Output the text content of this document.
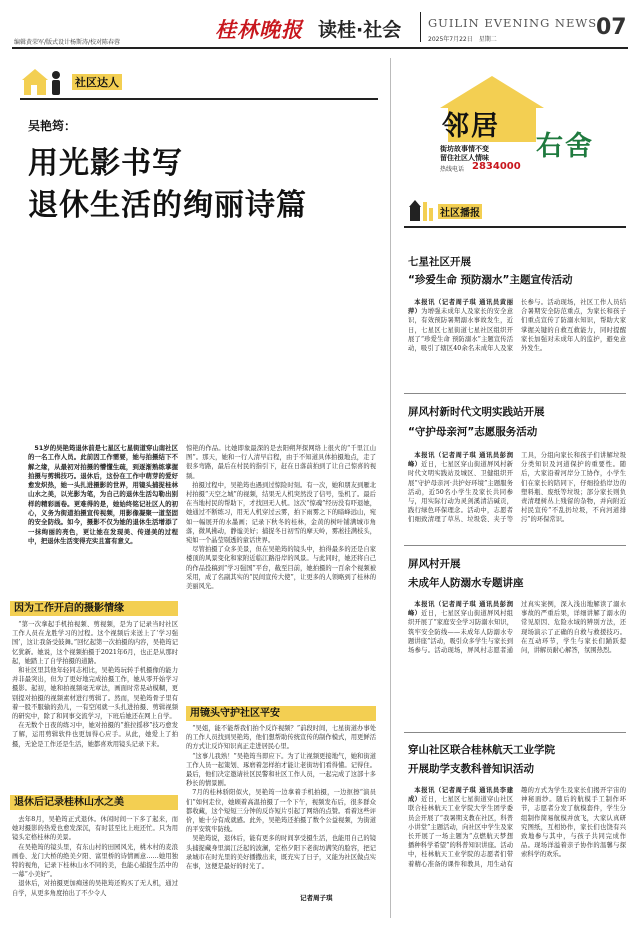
编辑黄荣军/版式设计杨斯涛/校对陈春蓉
桂林晚报 读桂·社会 GUILIN EVENING NEWS
2025年7月22日　星期二	07
社区达人
吴艳筠：
用光影书写
退休生活的绚丽诗篇
吴艳筠在清晨拍摄到的“千里江山图”。（吴艳筠供图）

51岁的吴艳筠退休前是七星区七星街道穿山南社区的一名工作人员。此前因工作需要，她与拍摄结下不解之缘，从最初对拍摄的懵懂生疏，到逐渐熟练掌握拍摄与剪辑技巧。退休后，这份在工作中萌芽的爱好愈发炽热，她一头扎进摄影的世界，用镜头捕捉桂林山水之美，以光影为笔，为自己的退休生活勾勒出别样的精彩画卷。更难得的是，她始终铭记社区人的初心，义务为街道拍摄宣传视频，用影像凝聚一道坚固的安全防线。如今，摄影不仅为她的退休生活增添了一抹绚丽的亮色，更让她在发现美、传递美的过程中，把退休生活变得充实且富有意义。

因为工作开启的摄影情缘

“第一次拿起手机拍视频、剪视频，是为了记录当时社区工作人员在龙胜学习的过程。这个视频后来送上了‘学习强国’，这让我备受鼓舞。”回忆起第一次拍摄的内容，吴艳筠记忆犹新。她说，这个视频拍摄于2021年6月，也正是从那时起，她踏上了自学拍摄的道路。

和社区里其他年轻同志相比，吴艳筠玩转手机摄像的能力并非最突出，但为了更好地完成拍摄工作，她从零开始学习摄影。起初，她和拍视频毫无章法，画面时常晃动模糊，更别提对拍摄的视频素材进行剪辑了。然而，吴艳筠骨子里有着一股不服输的劲儿，一有空闲就一头扎进拍摄、剪辑视频的研究中，除了和同事交流学习，下班后她还在网上自学。

在无数个日夜的练习中，她对拍摄的“推拉摇移”技巧愈发了解，运用剪辑软件也更加得心应手。从此，她爱上了拍摄，无论是工作还是生活，她都喜欢用镜头记录下来。

退休后记录桂林山水之美

去年8月，吴艳筠正式退休。休闲时间一下多了起来，而她对摄影的热爱也愈发深沉，有时甚至比上班还忙。只为用镜头定格桂林的美景。

在吴艳筠的镜头里，有东山村的田园风光，桃木村的麦浪画卷、龙门大桥的绝美夕阳、富里桥的诗情画意……她用独特的视角，记录下桂林山水不同的美，也能心捕捉生活中的一幕“小美好”。

退休后，对拍摄更加痴迷的吴艳筠还购买了无人机，通过自学，从更多角度拍出了不少令人

惊艳的作品。比她即象最深的是去阳朔拜探网络上很火的“千里江山图”。那天，她和一行人清早启程，由于不知道具体拍摄地点，走了很多弯路，最后在村民的指引下，赶在日落前拍到了让自己惊喜的视频。

拍摄过程中，吴艳筠也遇到过惊险时刻。有一次，她和朋友到雁北村拍摄“天空之城”的视频，结果无人机突然没了信号，坠机了。最后在当地村民的帮助下，才找回无人机。这次“惊魂”经历没有吓退她，她通过不断练习，用无人机穿过云雾，拍下雨雾之下的暗峰远山，宛如一幅展开的水墨画；记录下秋冬的桂林，金黄的树叶铺满城市角落，微风拂动，静谧美好；捕捉冬日初雪的摩天岭，雾凇挂满枝头，宛如一个晶莹剔透的童话世界。

尽管拍摄了众多美景，但在吴艳筠的镜头中，拍得最多的还是自家楼顶的风景变化和家附近临江路沿岸的风景。与此同时，她还将自己的作品投稿到“学习强国”平台，截至目前，她拍摄的一百余个视频被采用，成了名副其实的“民间宣传大使”，让更多的人领略到了桂林的美丽风光。

用镜头守护社区平安

“吴姐，能不能帮我们拍个反诈视频？”前段时间，七星街道办事处的工作人员找到吴艳筠，他们想帮助传统宣传的制作模式，用更鲜活的方式让反诈知识真正走进居民心里。

“这事儿我熟！”吴艳筠当即应下。为了让视频更接地气，她和街道工作人员一起策划、琢磨着怎样拍才能让老街坊们看得懂。记得住。最后，他们决定邀请社区民警和社区工作人员，一起完成了这部十多秒长的情景剧。

7月的桂林骄阳似火，吴艳筠一边拿着手机拍摄，一边抠擦“演员们”如何走位，她顾着高温拍摄了一个下午，视频发布后，很多群众都收藏，这个短短三分钟的反诈短片引起了网络的点赞。看着这些评价，她十分有成就感。此外，吴艳筠还拍摄了数个公益视频，为街道的平安筑牢防线。

吴艳筠说，退休后，能有更多的时间享受摄生活，也能用自己的镜头捕捉藏身里漓江泛起的波澜，定格夕阳下老街坊满笑的脸容，把记录城市在时光里的美好播撒出来，既充实了日子，又能为社区做点实在事，这便是最好的时光了。

记者周子琪
邻居
右舍
街坊故事情不变
留住社区人情味
热线电话 2834000
社区播报
七星社区开展
“珍爱生命 预防溺水”主题宣传活动

本报讯（记者周子琪 通讯员黄丽萍）为增强未成年人及家长的安全意识，有效预防暑期溺水事故发生，近日，七星区七星街道七星社区组织开展了“珍爱生命 预防溺水”主题宣传活动，吸引了辖区40余名未成年人及家长参与。活动现场，社区工作人员结合暑期安全防范重点，为家长和孩子们重点宣传了防溺水知识，帮助大家掌握关键的自救互救能力，同时提醒家长加强对未成年人的监护，避免意外发生。

屏风村新时代文明实践站开展
“守护母亲河”志愿服务活动

本报讯（记者周子琪 通讯员彭润峰）近日，七星区穿山街道屏风村新时代文明实践站及城区、卫健组织开展“守护母亲河·共护好环境”主题服务活动，近50名小学生及家长共同参与，用实际行动为灵剑溪清洁碱贡，践行绿色环保理念。活动中，志愿者们细致清理了草丛、垃圾袋、夹子等工具，分组向家长和孩子们讲解垃圾分类知识及河道保护的重要性。随后，大家沿着河岸分工协作，小学生们在家长的陪同下，仔细捡拾岸边的塑料瓶、废纸等垃圾；部分家长则负责清理树丛上残留的杂物，并向附近村民宣传“不乱扔垃圾，不向河道排污”的环保常识。

屏风村开展
未成年人防溺水专题讲座

本报讯（记者周子琪 通讯员彭润峰）近日，七星区穿山街道屏风村组织开展了“家庭安全学习防溺水知识，筑牢安全防线——未成年人防溺水专题讲座”活动，吸引众多学生与家长到场参与。活动现场，屏风村志愿者通过真实案例，深入浅出地解读了溺水事故的严重后果，详细讲解了溺水的常见原因、危险水域的辨别方法，还现场演示了正确的自救与救援技巧。在互动环节，学生与家长们踊跃提问，讲解员耐心解答，氛围热烈。

穿山社区联合桂林航天工业学院
开展助学支教科普知识活动

本报讯（记者周子琪 通讯员李建成）近日，七星区七星街道穿山社区联合桂林航天工业学院大学生团学委员会开展了“我暑期支教在社区，科普小讲堂”主题活动，向社区中学生及家长开展了一场主题为“点燃航天梦想 播种科学希望”的科普知识讲座。活动中，桂林航天工业学院的志愿者们带着精心准备的课件和教具，用生动有趣的方式为学生及家长们揭开宇宙的神秘面纱。随后的航模手工制作环节，志愿者分发了航模套件，学生分组制作简易航模并放飞，大家认真研究图纸，互相协作，家长们也饶有兴致地参与其中，与孩子共同完成作品。现场洋溢着亲子协作的温馨与探索科学的欢乐。
